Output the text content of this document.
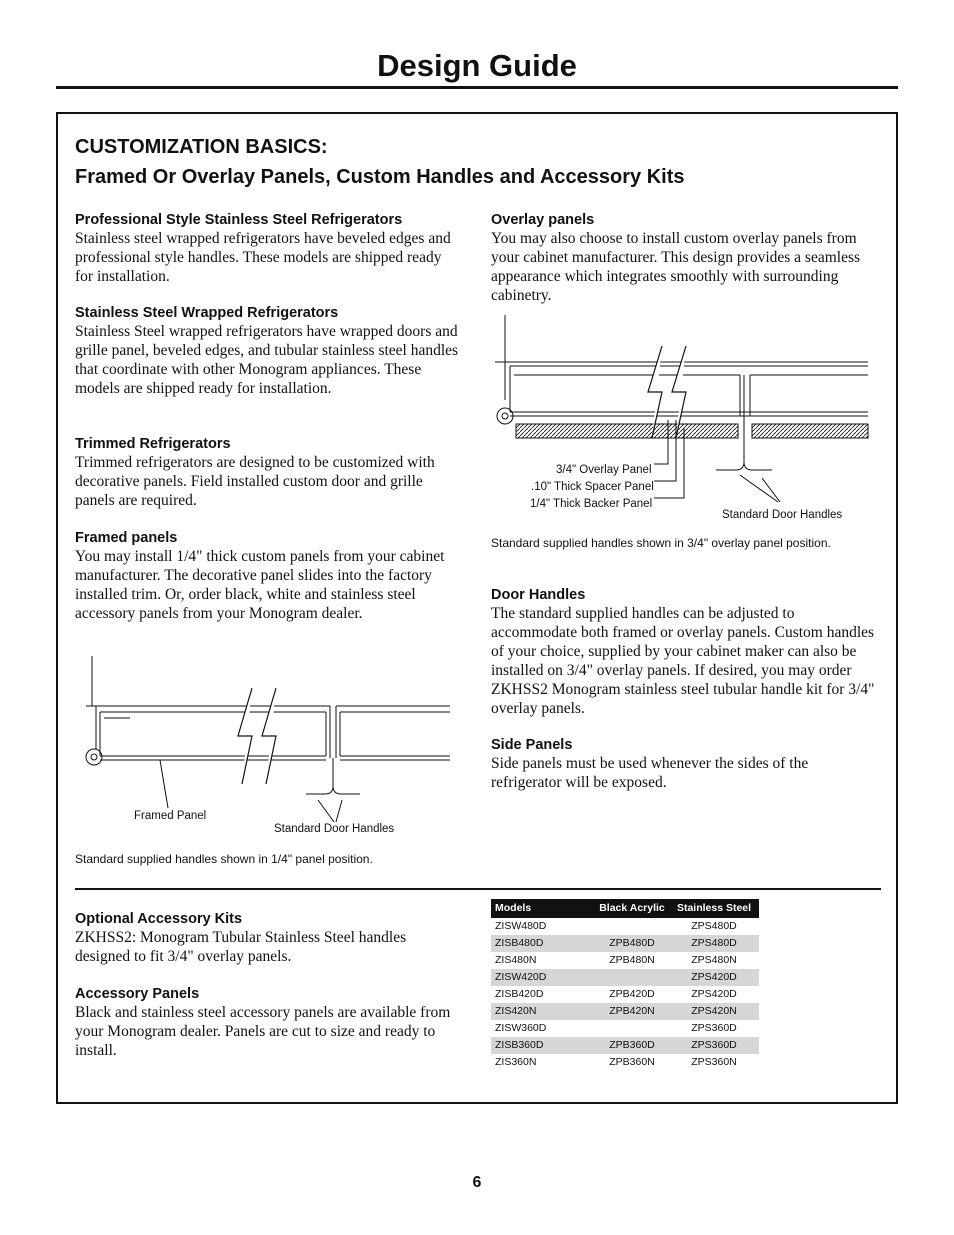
Design Guide
CUSTOMIZATION BASICS:
Framed Or Overlay Panels, Custom Handles and Accessory Kits
Professional Style Stainless Steel Refrigerators

Stainless steel wrapped refrigerators have beveled edges and professional style handles. These models are shipped ready for installation.

Stainless Steel Wrapped Refrigerators

Stainless Steel wrapped refrigerators have wrapped doors and grille panel, beveled edges, and tubular stainless steel handles that coordinate with other Monogram appliances. These models are shipped ready for installation.

Trimmed Refrigerators

Trimmed refrigerators are designed to be customized with decorative panels. Field installed custom door and grille panels are required.

Framed panels

You may install 1/4" thick custom panels from your cabinet manufacturer. The decorative panel slides into the factory installed trim. Or, order black, white and stainless steel accessory panels from your Monogram dealer.

Overlay panels

You may also choose to install custom overlay panels from your cabinet manufacturer. This design provides a seamless appearance which integrates smoothly with surrounding cabinetry.

Door Handles

The standard supplied handles can be adjusted to accommodate both framed or overlay panels. Custom handles of your choice, supplied by your cabinet maker can also be installed on 3/4" overlay panels. If desired, you may order ZKHSS2 Monogram stainless steel tubular handle kit for 3/4" overlay panels.

Side Panels

Side panels must be used whenever the sides of the refrigerator will be exposed.

3/4" Overlay Panel
.10" Thick Spacer Panel
1/4" Thick Backer Panel
Standard Door Handles
Standard supplied handles shown in 3/4" overlay panel position.
Framed Panel
Standard Door Handles
Standard supplied handles shown in 1/4" panel position.
Optional Accessory Kits

ZKHSS2: Monogram Tubular Stainless Steel handles designed to fit 3/4" overlay panels.

Accessory Panels

Black and stainless steel accessory panels are available from your Monogram dealer. Panels are cut to size and ready to install.

Models	Black Acrylic	Stainless Steel
ZISW480D		ZPS480D
ZISB480D	ZPB480D	ZPS480D
ZIS480N	ZPB480N	ZPS480N
ZISW420D		ZPS420D
ZISB420D	ZPB420D	ZPS420D
ZIS420N	ZPB420N	ZPS420N
ZISW360D		ZPS360D
ZISB360D	ZPB360D	ZPS360D
ZIS360N	ZPB360N	ZPS360N
6
